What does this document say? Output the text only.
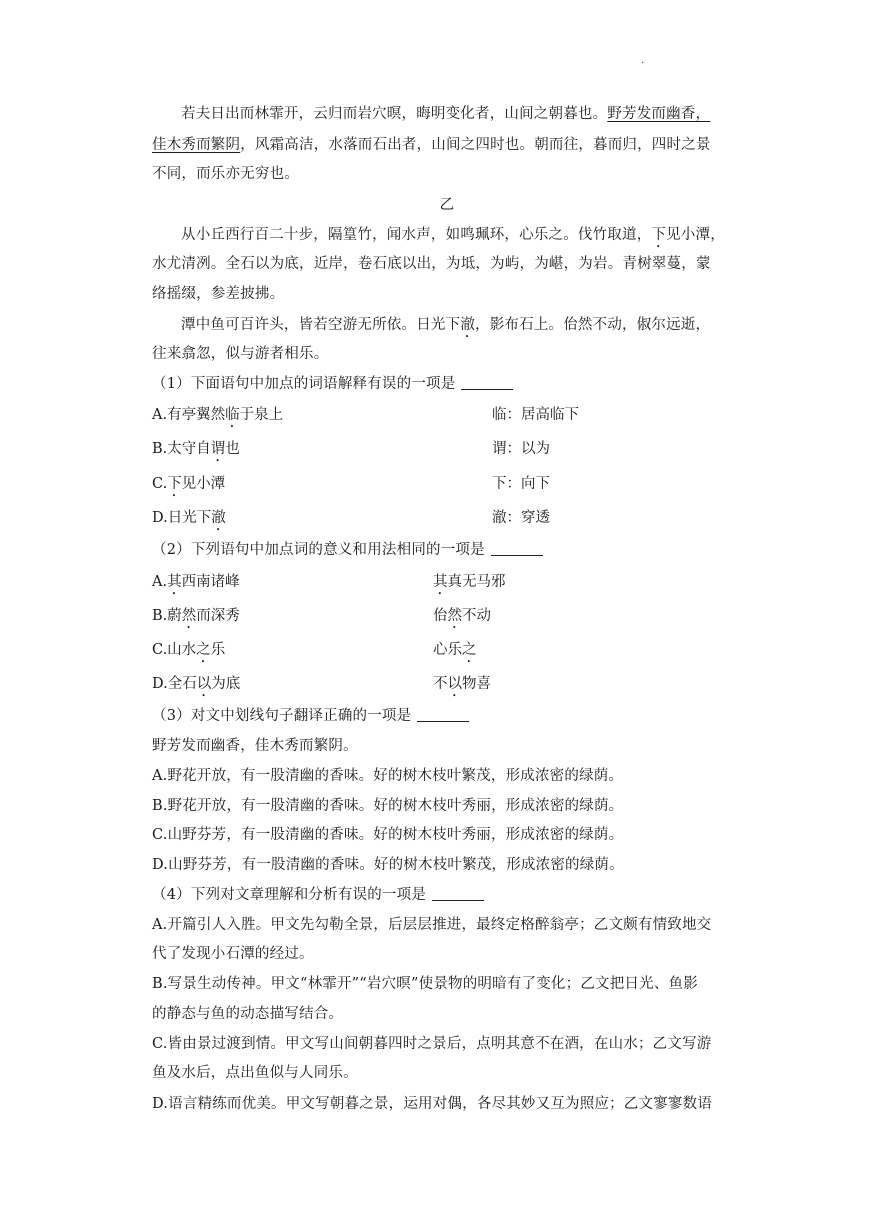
.
若夫日出而林霏开，云归而岩穴暝，晦明变化者，山间之朝暮也。野芳发而幽香，
佳木秀而繁阴，风霜高洁，水落而石出者，山间之四时也。朝而往，暮而归，四时之景
不同，而乐亦无穷也。
乙
从小丘西行百二十步，隔篁竹，闻水声，如鸣珮环，心乐之。伐竹取道，下见小潭，
水尤清冽。全石以为底，近岸，卷石底以出，为坻，为屿，为嵁，为岩。青树翠蔓，蒙
络摇缀，参差披拂。
潭中鱼可百许头，皆若空游无所依。日光下澈，影布石上。佁然不动，俶尔远逝，
往来翕忽，似与游者相乐。
（1）下面语句中加点的词语解释有误的一项是
A.有亭翼然临于泉上	临：居高临下
B.太守自谓也	谓：以为
C.下见小潭	下：向下
D.日光下澈	澈：穿透
（2）下列语句中加点词的意义和用法相同的一项是
A.其西南诸峰	其真无马邪
B.蔚然而深秀	佁然不动
C.山水之乐	心乐之
D.全石以为底	不以物喜
（3）对文中划线句子翻译正确的一项是
野芳发而幽香，佳木秀而繁阴。
A.野花开放，有一股清幽的香味。好的树木枝叶繁茂，形成浓密的绿荫。
B.野花开放，有一股清幽的香味。好的树木枝叶秀丽，形成浓密的绿荫。
C.山野芬芳，有一股清幽的香味。好的树木枝叶秀丽，形成浓密的绿荫。
D.山野芬芳，有一股清幽的香味。好的树木枝叶繁茂，形成浓密的绿荫。
（4）下列对文章理解和分析有误的一项是
A.开篇引人入胜。甲文先勾勒全景，后层层推进，最终定格醉翁亭；乙文颇有情致地交
代了发现小石潭的经过。
B.写景生动传神。甲文“林霏开”“岩穴暝”使景物的明暗有了变化；乙文把日光、鱼影
的静态与鱼的动态描写结合。
C.皆由景过渡到情。甲文写山间朝暮四时之景后，点明其意不在酒，在山水；乙文写游
鱼及水后，点出鱼似与人同乐。
D.语言精练而优美。甲文写朝暮之景，运用对偶，各尽其妙又互为照应；乙文寥寥数语
